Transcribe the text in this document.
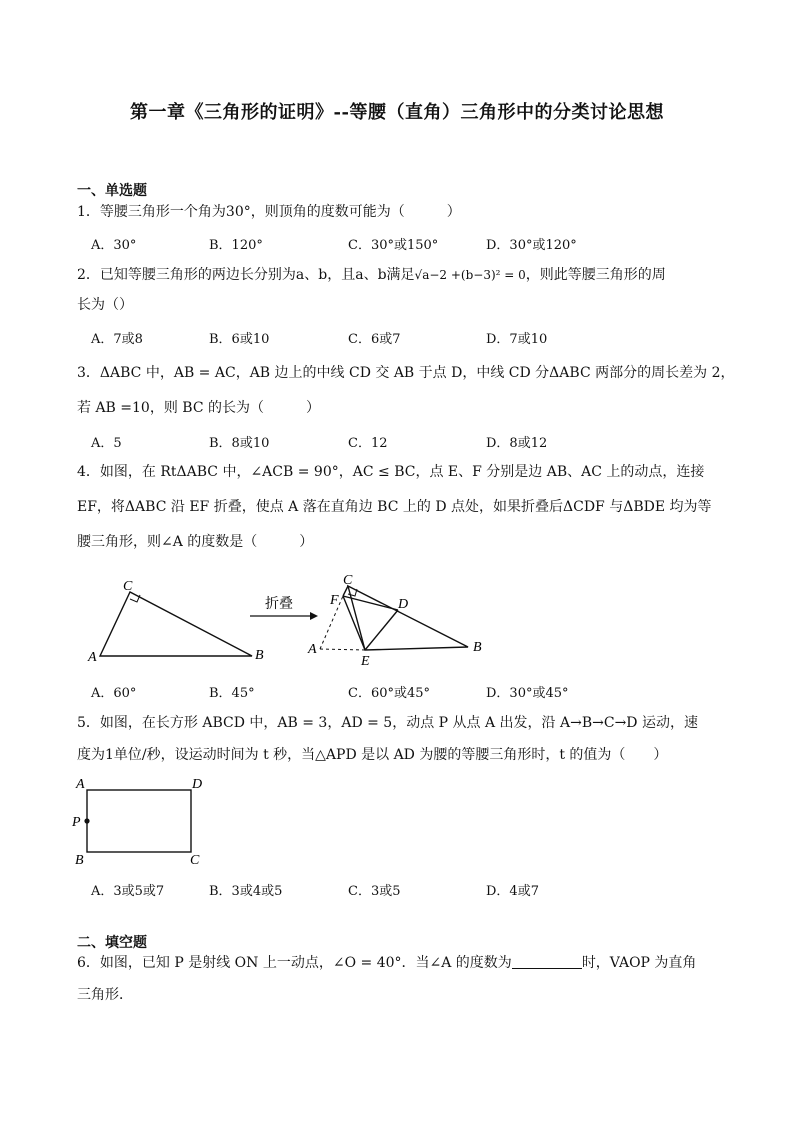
第一章《三角形的证明》--等腰（直角）三角形中的分类讨论思想
一、单选题
1．等腰三角形一个角为30°，则顶角的度数可能为（　　　）
A．30°	B．120°	C．30°或150°	D．30°或120°
2．已知等腰三角形的两边长分别为a、b，且a、b满足√a−2 +(b−3)² = 0，则此等腰三角形的周
长为（）
A．7或8	B．6或10	C．6或7	D．7或10
3．ΔABC 中，AB = AC，AB 边上的中线 CD 交 AB 于点 D，中线 CD 分ΔABC 两部分的周长差为 2，
若 AB =10，则 BC 的长为（　　　）
A．5	B．8或10	C．12	D．8或12
4．如图，在 RtΔABC 中，∠ACB = 90°，AC ≤ BC，点 E、F 分别是边 AB、AC 上的动点，连接
EF，将ΔABC 沿 EF 折叠，使点 A 落在直角边 BC 上的 D 点处，如果折叠后ΔCDF 与ΔBDE 均为等
腰三角形，则∠A 的度数是（　　　）
A
C
B
折叠
A
C
F	D
E
B
A．60°	B．45°	C．60°或45°	D．30°或45°
5．如图，在长方形 ABCD 中，AB = 3，AD = 5，动点 P 从点 A 出发，沿 A→B→C→D 运动，速
度为1单位/秒，设运动时间为 t 秒，当△APD 是以 AD 为腰的等腰三角形时，t 的值为（　　）
A	D
P
B	C
A．3或5或7	B．3或4或5	C．3或5	D．4或7
二、填空题
6．如图，已知 P 是射线 ON 上一动点，∠O = 40°．当∠A 的度数为	时，VAOP 为直角
三角形．
